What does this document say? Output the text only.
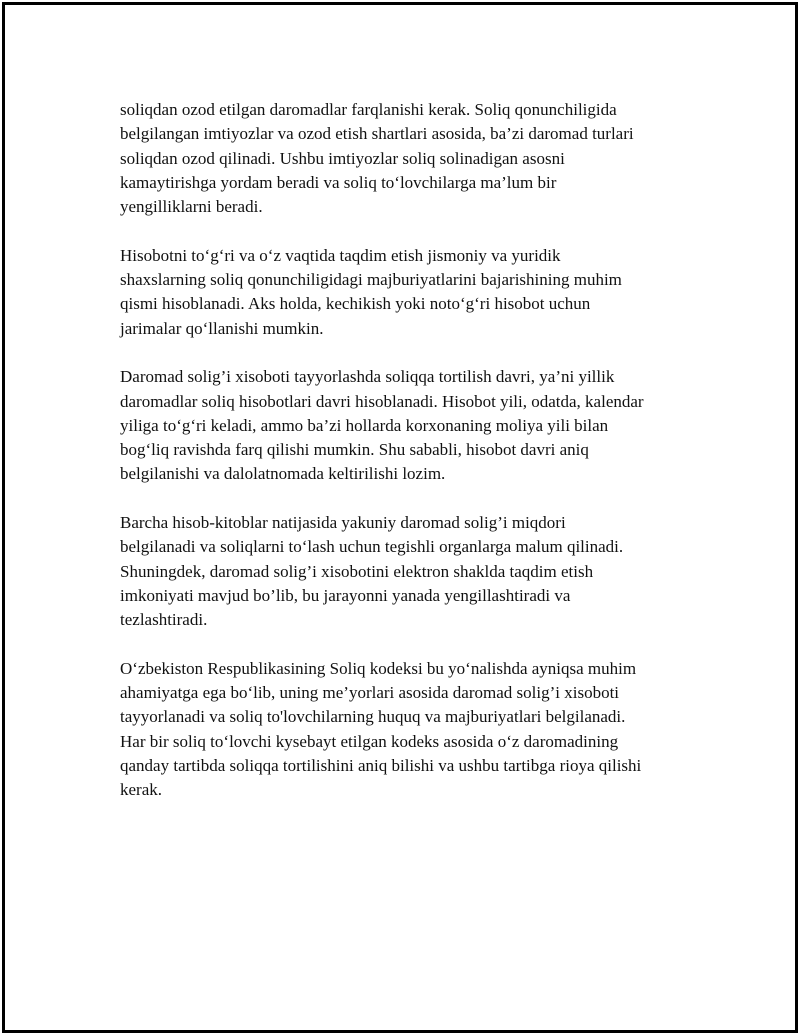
soliqdan ozod etilgan daromadlar farqlanishi kerak. Soliq qonunchiligida
belgilangan imtiyozlar va ozod etish shartlari asosida, ba’zi daromad turlari
soliqdan ozod qilinadi. Ushbu imtiyozlar soliq solinadigan asosni
kamaytirishga yordam beradi va soliq to‘lovchilarga ma’lum bir
yengilliklarni beradi.

Hisobotni to‘g‘ri va o‘z vaqtida taqdim etish jismoniy va yuridik
shaxslarning soliq qonunchiligidagi majburiyatlarini bajarishining muhim
qismi hisoblanadi. Aks holda, kechikish yoki noto‘g‘ri hisobot uchun
jarimalar qo‘llanishi mumkin.

Daromad solig’i xisoboti tayyorlashda soliqqa tortilish davri, ya’ni yillik
daromadlar soliq hisobotlari davri hisoblanadi. Hisobot yili, odatda, kalendar
yiliga to‘g‘ri keladi, ammo ba’zi hollarda korxonaning moliya yili bilan
bog‘liq ravishda farq qilishi mumkin. Shu sababli, hisobot davri aniq
belgilanishi va dalolatnomada keltirilishi lozim.

Barcha hisob-kitoblar natijasida yakuniy daromad solig’i miqdori
belgilanadi va soliqlarni to‘lash uchun tegishli organlarga malum qilinadi.
Shuningdek, daromad solig’i xisobotini elektron shaklda taqdim etish
imkoniyati mavjud bo’lib, bu jarayonni yanada yengillashtiradi va
tezlashtiradi.

O‘zbekiston Respublikasining Soliq kodeksi bu yo‘nalishda ayniqsa muhim
ahamiyatga ega bo‘lib, uning me’yorlari asosida daromad solig’i xisoboti
tayyorlanadi va soliq to'lovchilarning huquq va majburiyatlari belgilanadi.
Har bir soliq to‘lovchi kysebayt etilgan kodeks asosida o‘z daromadining
qanday tartibda soliqqa tortilishini aniq bilishi va ushbu tartibga rioya qilishi
kerak.
